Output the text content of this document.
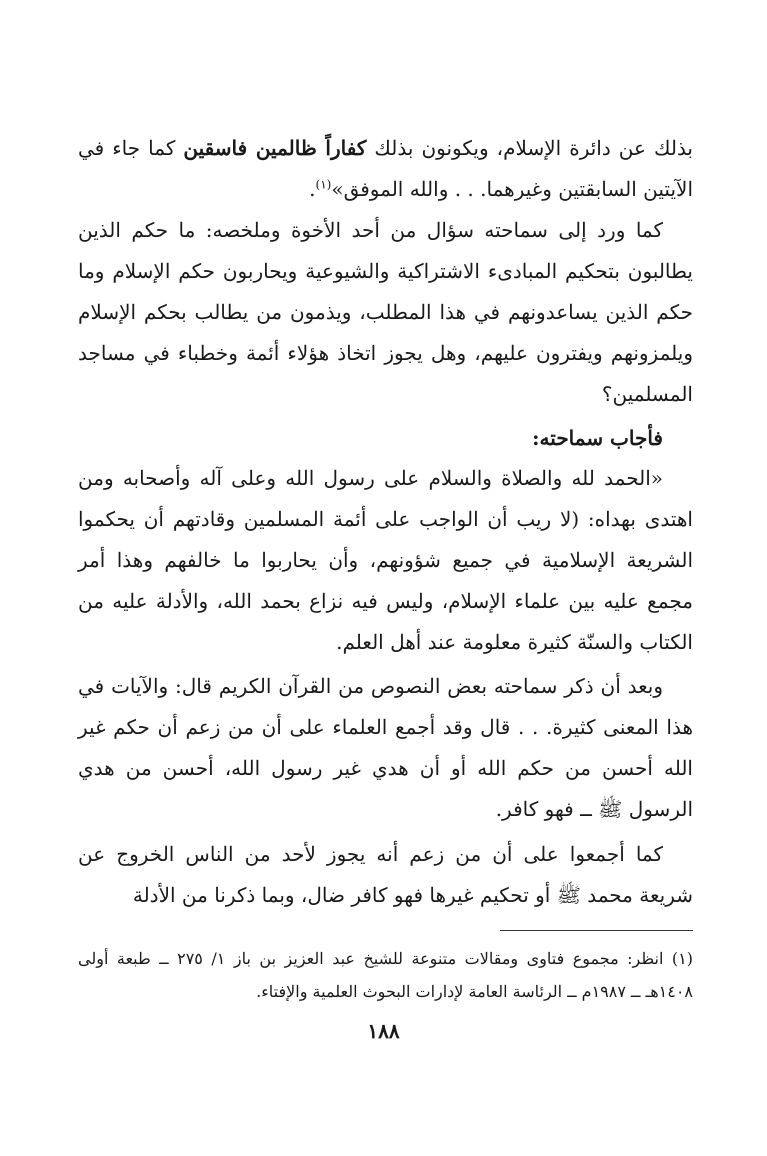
بذلك عن دائرة الإسلام، ويكونون بذلك كفاراً ظالمين فاسقين كما جاء في الآيتين السابقتين وغيرهما. . . والله الموفق»$^{(١)}$.

كما ورد إلى سماحته سؤال من أحد الأخوة وملخصه: ما حكم الذين يطالبون بتحكيم المبادىء الاشتراكية والشيوعية ويحاربون حكم الإسلام وما حكم الذين يساعدونهم في هذا المطلب، ويذمون من يطالب بحكم الإسلام ويلمزونهم ويفترون عليهم، وهل يجوز اتخاذ هؤلاء أئمة وخطباء في مساجد المسلمين؟

فأجاب سماحته:

«الحمد لله والصلاة والسلام على رسول الله وعلى آله وأصحابه ومن اهتدى بهداه: (لا ريب أن الواجب على أئمة المسلمين وقادتهم أن يحكموا الشريعة الإسلامية في جميع شؤونهم، وأن يحاربوا ما خالفهم وهذا أمر مجمع عليه بين علماء الإسلام، وليس فيه نزاع بحمد الله، والأدلة عليه من الكتاب والسنّة كثيرة معلومة عند أهل العلم.

وبعد أن ذكر سماحته بعض النصوص من القرآن الكريم قال: والآيات في هذا المعنى كثيرة. . . قال وقد أجمع العلماء على أن من زعم أن حكم غير الله أحسن من حكم الله أو أن هدي غير رسول الله، أحسن من هدي الرسول ﷺ ــ فهو كافر.

كما أجمعوا على أن من زعم أنه يجوز لأحد من الناس الخروج عن شريعة محمد ﷺ أو تحكيم غيرها فهو كافر ضال، وبما ذكرنا من الأدلة

(١) انظر: مجموع فتاوى ومقالات متنوعة للشيخ عبد العزيز بن باز ١/ ٢٧٥ ــ طبعة أولى ١٤٠٨هـ ــ ١٩٨٧م ــ الرئاسة العامة لإدارات البحوث العلمية والإفتاء.

١٨٨
